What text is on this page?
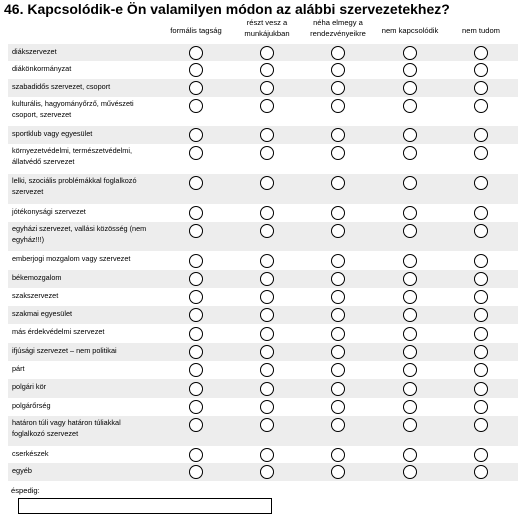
46. Kapcsolódik-e Ön valamilyen módon az alábbi szervezetekhez?
formális tagság
részt vesz a
munkájukban
néha elmegy a
rendezvényeikre	nem kapcsolódik	nem tudom
diákszervezet
diákönkormányzat
szabadidős szervezet, csoport
kulturális, hagyományőrző, művészeti
csoport, szervezet
sportklub vagy egyesület
környezetvédelmi, természetvédelmi,
állatvédő szervezet
lelki, szociális problémákkal foglalkozó
szervezet
jótékonysági szervezet
egyházi szervezet, vallási közösség (nem
egyház!!!)
emberjogi mozgalom vagy szervezet
békemozgalom
szakszervezet
szakmai egyesület
más érdekvédelmi szervezet
ifjúsági szervezet – nem politikai
párt
polgári kör
polgárőrség
határon túli vagy határon túliakkal
foglalkozó szervezet
cserkészek
egyéb
éspedig:
